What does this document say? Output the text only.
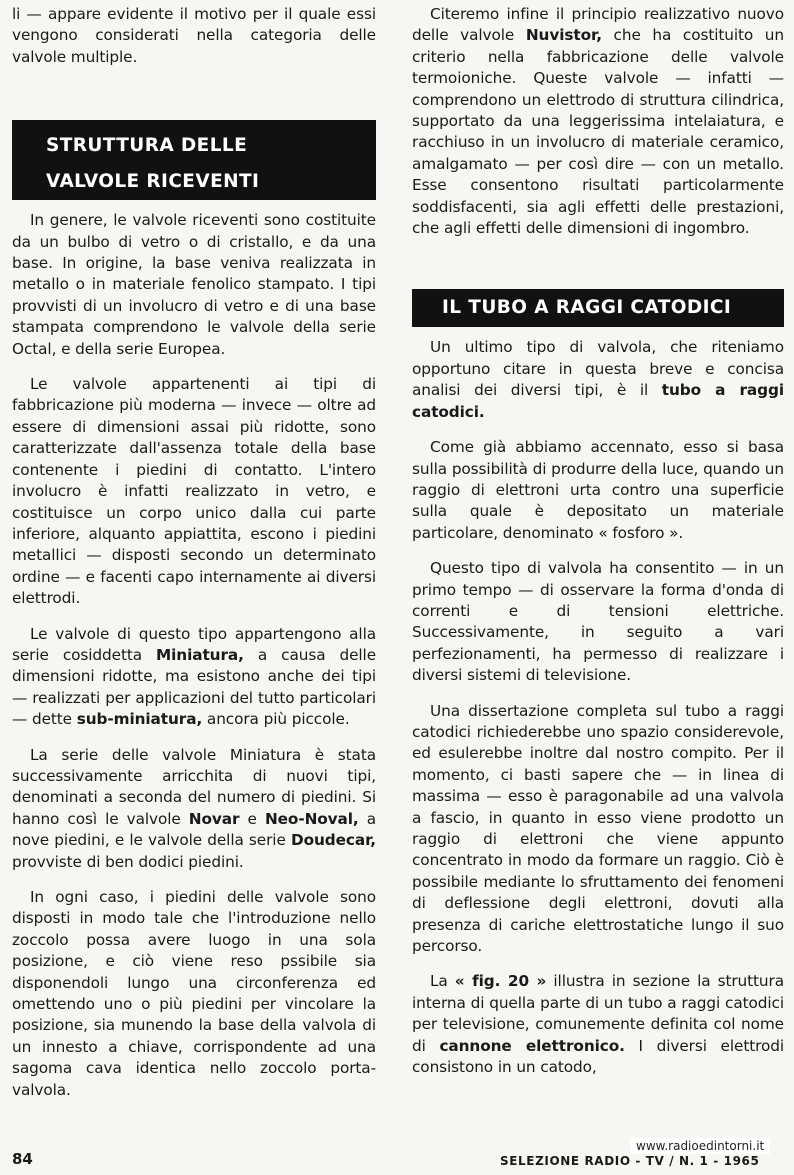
li — appare evidente il motivo per il quale essi vengono considerati nella categoria delle valvole multiple.

STRUTTURA DELLE
VALVOLE RICEVENTI

In genere, le valvole riceventi sono costituite da un bulbo di vetro o di cristallo, e da una base. In origine, la base veniva realizzata in metallo o in materiale fenolico stampato. I tipi provvisti di un involucro di vetro e di una base stampata comprendono le valvole della serie Octal, e della serie Europea.

Le valvole appartenenti ai tipi di fabbricazione più moderna — invece — oltre ad essere di dimensioni assai più ridotte, sono caratterizzate dall'assenza totale della base contenente i piedini di contatto. L'intero involucro è infatti realizzato in vetro, e costituisce un corpo unico dalla cui parte inferiore, alquanto appiattita, escono i piedini metallici — disposti secondo un determinato ordine — e facenti capo internamente ai diversi elettrodi.

Le valvole di questo tipo appartengono alla serie cosiddetta Miniatura, a causa delle dimensioni ridotte, ma esistono anche dei tipi — realizzati per applicazioni del tutto particolari — dette sub-miniatura, ancora più piccole.

La serie delle valvole Miniatura è stata successivamente arricchita di nuovi tipi, denominati a seconda del numero di piedini. Si hanno così le valvole Novar e Neo-Noval, a nove piedini, e le valvole della serie Doudecar, provviste di ben dodici piedini.

In ogni caso, i piedini delle valvole sono disposti in modo tale che l'introduzione nello zoccolo possa avere luogo in una sola posizione, e ciò viene reso pssibile sia disponendoli lungo una circonferenza ed omettendo uno o più piedini per vincolare la posizione, sia munendo la base della valvola di un innesto a chiave, corrispondente ad una sagoma cava identica nello zoccolo porta-valvola.

Citeremo infine il principio realizzativo nuovo delle valvole Nuvistor, che ha costituito un criterio nella fabbricazione delle valvole termoioniche. Queste valvole — infatti — comprendono un elettrodo di struttura cilindrica, supportato da una leggerissima intelaiatura, e racchiuso in un involucro di materiale ceramico, amalgamato — per così dire — con un metallo. Esse consentono risultati particolarmente soddisfacenti, sia agli effetti delle prestazioni, che agli effetti delle dimensioni di ingombro.

IL TUBO A RAGGI CATODICI

Un ultimo tipo di valvola, che riteniamo opportuno citare in questa breve e concisa analisi dei diversi tipi, è il tubo a raggi catodici.

Come già abbiamo accennato, esso si basa sulla possibilità di produrre della luce, quando un raggio di elettroni urta contro una superficie sulla quale è depositato un materiale particolare, denominato « fosforo ».

Questo tipo di valvola ha consentito — in un primo tempo — di osservare la forma d'onda di correnti e di tensioni elettriche. Successivamente, in seguito a vari perfezionamenti, ha permesso di realizzare i diversi sistemi di televisione.

Una dissertazione completa sul tubo a raggi catodici richiederebbe uno spazio considerevole, ed esulerebbe inoltre dal nostro compito. Per il momento, ci basti sapere che — in linea di massima — esso è paragonabile ad una valvola a fascio, in quanto in esso viene prodotto un raggio di elettroni che viene appunto concentrato in modo da formare un raggio. Ciò è possibile mediante lo sfruttamento dei fenomeni di deflessione degli elettroni, dovuti alla presenza di cariche elettrostatiche lungo il suo percorso.

La « fig. 20 » illustra in sezione la struttura interna di quella parte di un tubo a raggi catodici per televisione, comunemente definita col nome di cannone elettronico. I diversi elettrodi consistono in un catodo,

84	SELEZIONE RADIO - TV / N. 1 - 1965
www.radioedintorni.it
